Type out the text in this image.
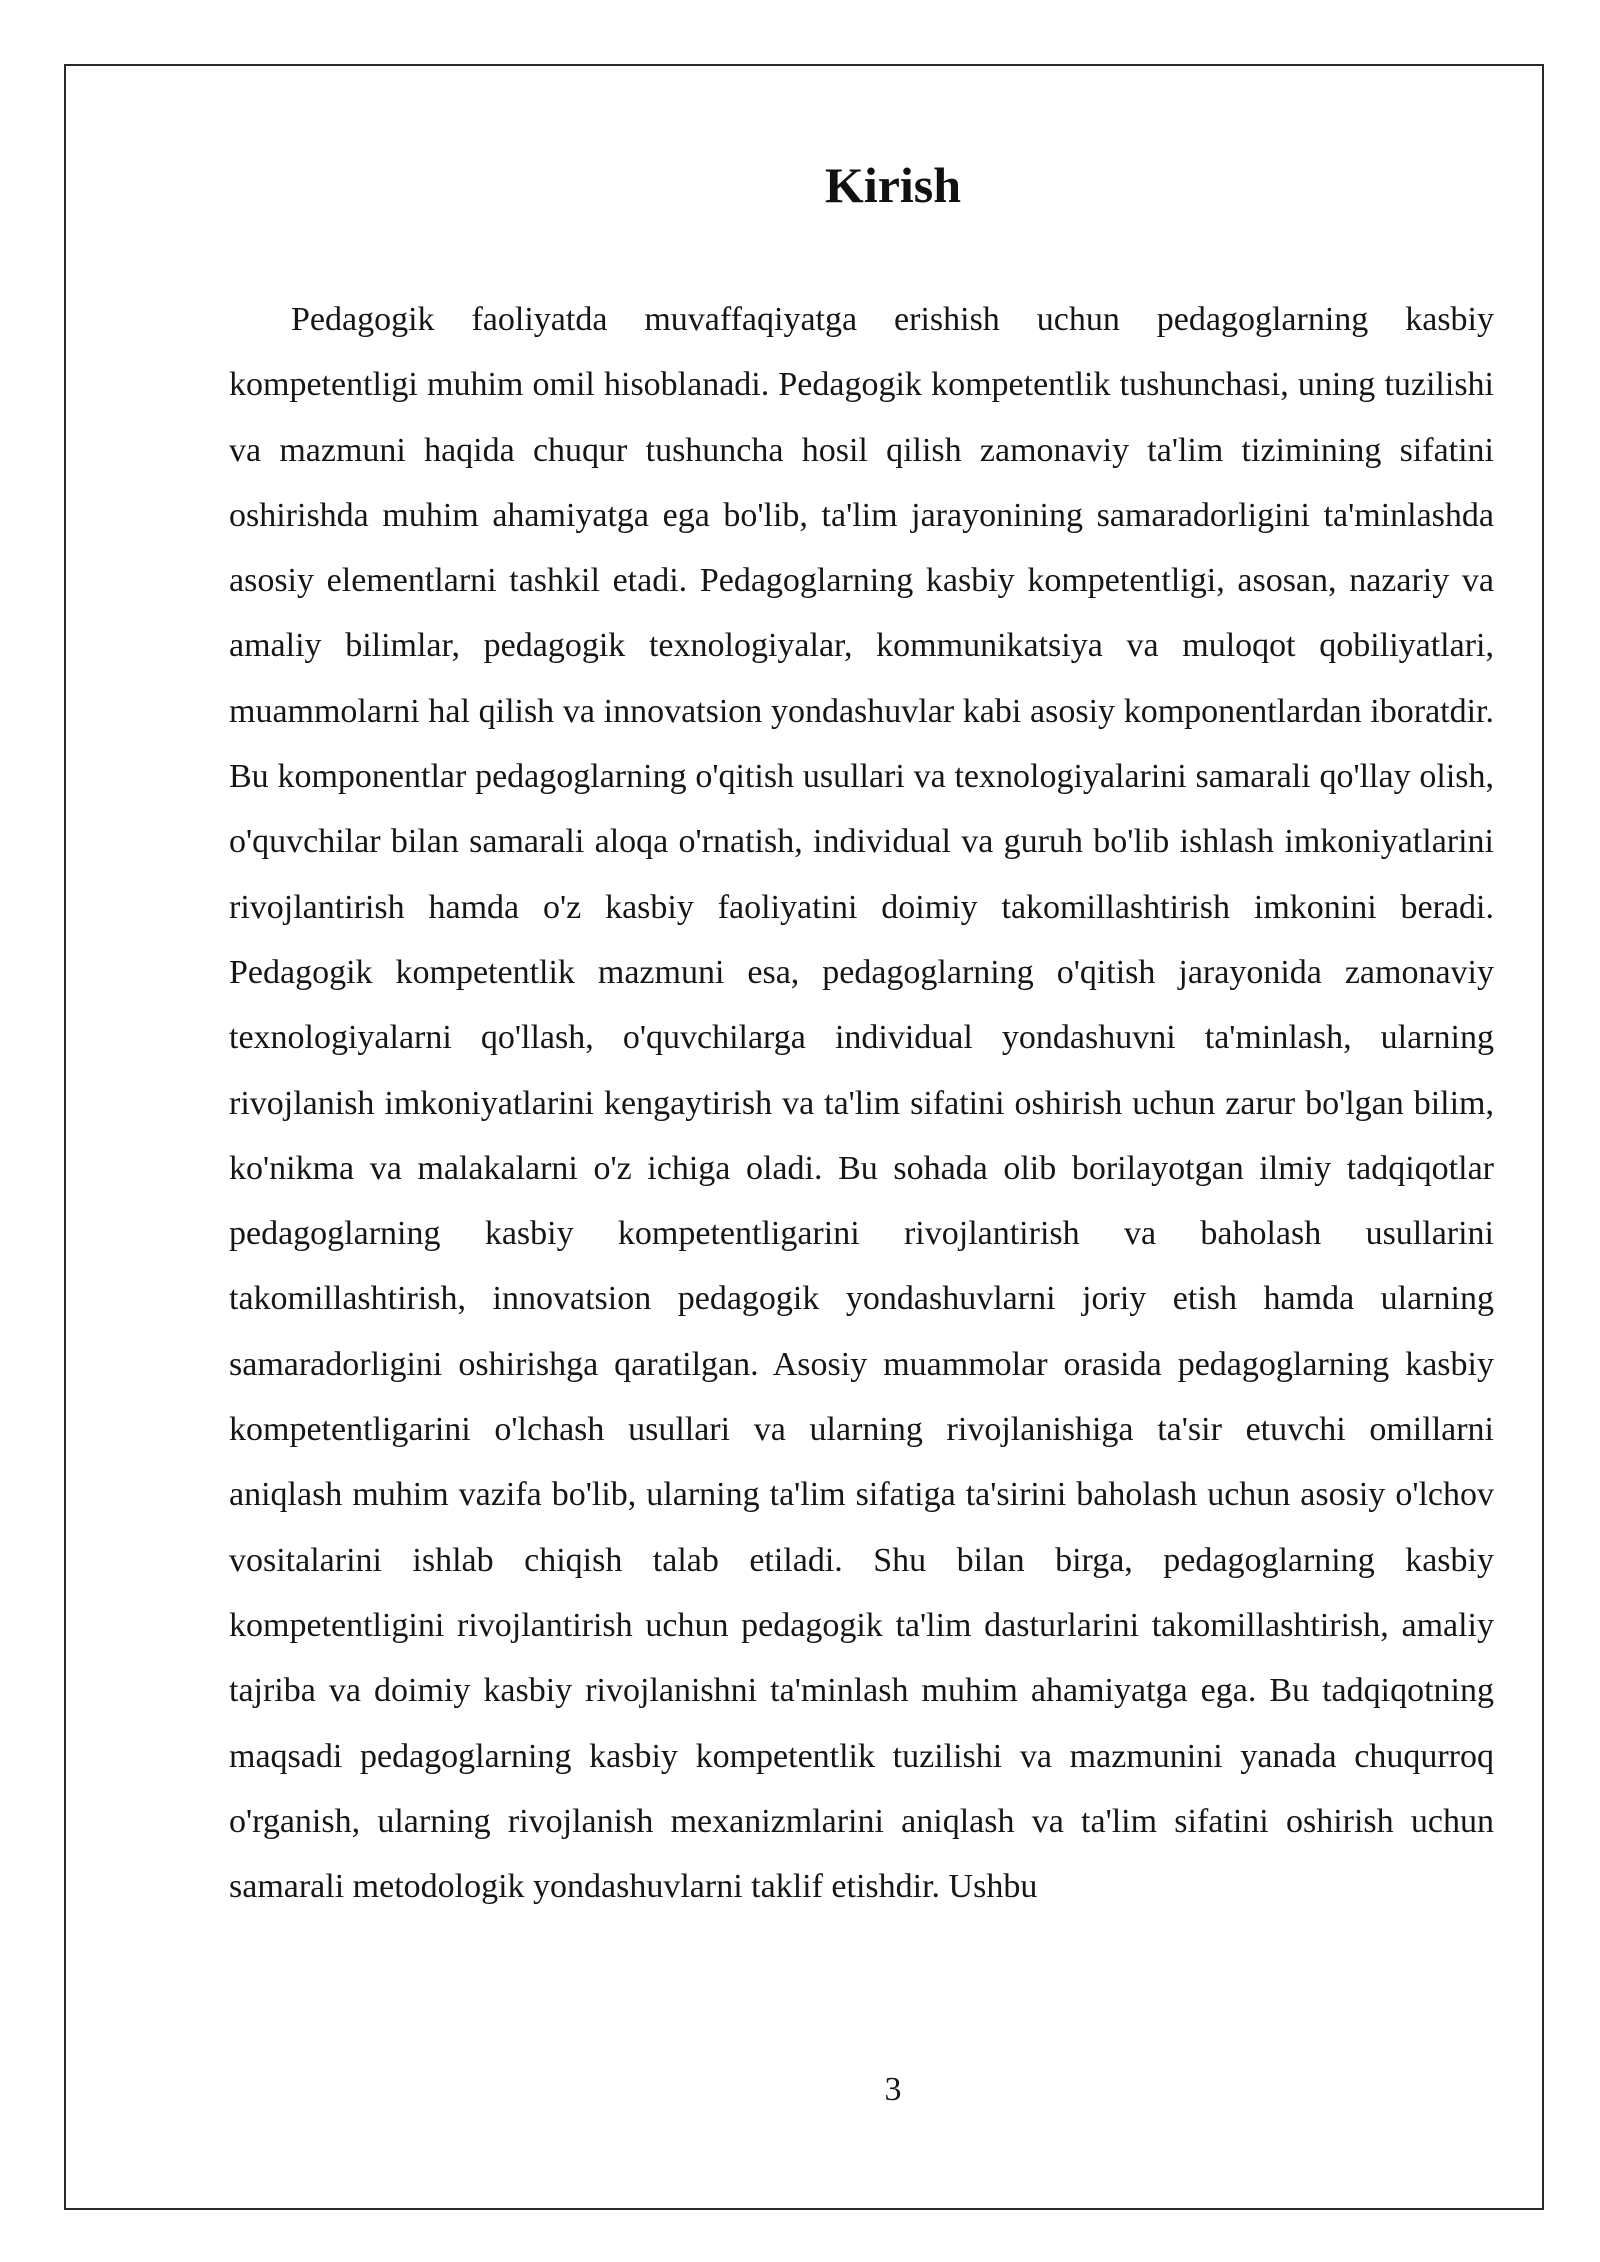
Kirish

Pedagogik faoliyatda muvaffaqiyatga erishish uchun pedagoglarning kasbiy kompetentligi muhim omil hisoblanadi. Pedagogik kompetentlik tushunchasi, uning tuzilishi va mazmuni haqida chuqur tushuncha hosil qilish zamonaviy ta'lim tizimining sifatini oshirishda muhim ahamiyatga ega bo'lib, ta'lim jarayonining samaradorligini ta'minlashda asosiy elementlarni tashkil etadi. Pedagoglarning kasbiy kompetentligi, asosan, nazariy va amaliy bilimlar, pedagogik texnologiyalar, kommunikatsiya va muloqot qobiliyatlari, muammolarni hal qilish va innovatsion yondashuvlar kabi asosiy komponentlardan iboratdir. Bu komponentlar pedagoglarning o'qitish usullari va texnologiyalarini samarali qo'llay olish, o'quvchilar bilan samarali aloqa o'rnatish, individual va guruh bo'lib ishlash imkoniyatlarini rivojlantirish hamda o'z kasbiy faoliyatini doimiy takomillashtirish imkonini beradi. Pedagogik kompetentlik mazmuni esa, pedagoglarning o'qitish jarayonida zamonaviy texnologiyalarni qo'llash, o'quvchilarga individual yondashuvni ta'minlash, ularning rivojlanish imkoniyatlarini kengaytirish va ta'lim sifatini oshirish uchun zarur bo'lgan bilim, ko'nikma va malakalarni o'z ichiga oladi. Bu sohada olib borilayotgan ilmiy tadqiqotlar pedagoglarning kasbiy kompetentligarini rivojlantirish va baholash usullarini takomillashtirish, innovatsion pedagogik yondashuvlarni joriy etish hamda ularning samaradorligini oshirishga qaratilgan. Asosiy muammolar orasida pedagoglarning kasbiy kompetentligarini o'lchash usullari va ularning rivojlanishiga ta'sir etuvchi omillarni aniqlash muhim vazifa bo'lib, ularning ta'lim sifatiga ta'sirini baholash uchun asosiy o'lchov vositalarini ishlab chiqish talab etiladi. Shu bilan birga, pedagoglarning kasbiy kompetentligini rivojlantirish uchun pedagogik ta'lim dasturlarini takomillashtirish, amaliy tajriba va doimiy kasbiy rivojlanishni ta'minlash muhim ahamiyatga ega. Bu tadqiqotning maqsadi pedagoglarning kasbiy kompetentlik tuzilishi va mazmunini yanada chuqurroq o'rganish, ularning rivojlanish mexanizmlarini aniqlash va ta'lim sifatini oshirish uchun samarali metodologik yondashuvlarni taklif etishdir. Ushbu

3
